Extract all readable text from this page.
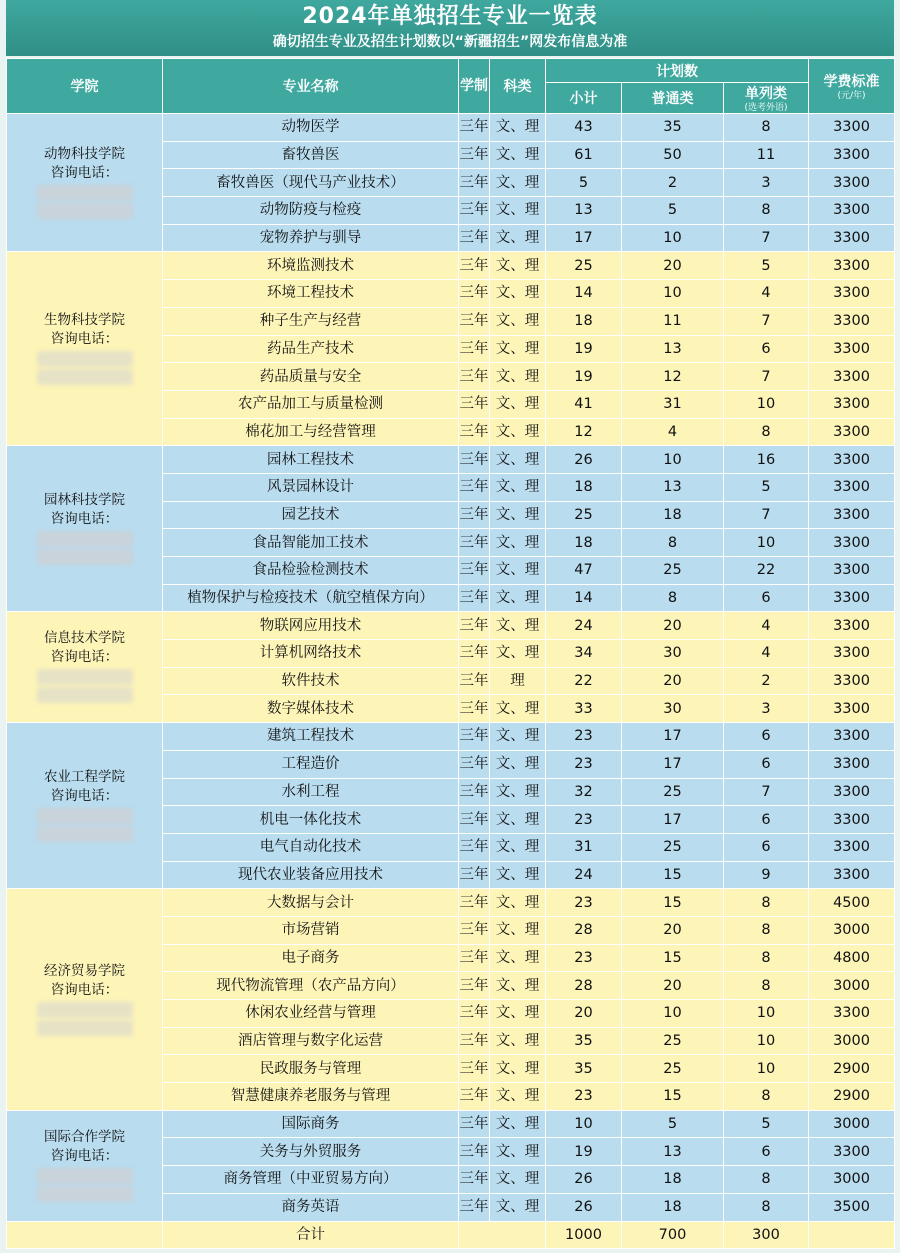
2024年单独招生专业一览表
确切招生专业及招生计划数以“新疆招生”网发布信息为准
学院	专业名称	学制	科类	计划数			学费标准
(元/年)

				小计	普通类	单列类
(选考外语)	

动物科技学院
咨询电话：	动物医学	三年	文、理	43	35	8	3300
	畜牧兽医	三年	文、理	61	50	11	3300
	畜牧兽医（现代马产业技术）	三年	文、理	5	2	3	3300
	动物防疫与检疫	三年	文、理	13	5	8	3300
	宠物养护与驯导	三年	文、理	17	10	7	3300

生物科技学院
咨询电话：	环境监测技术	三年	文、理	25	20	5	3300
	环境工程技术	三年	文、理	14	10	4	3300
	种子生产与经营	三年	文、理	18	11	7	3300
	药品生产技术	三年	文、理	19	13	6	3300
	药品质量与安全	三年	文、理	19	12	7	3300
	农产品加工与质量检测	三年	文、理	41	31	10	3300
	棉花加工与经营管理	三年	文、理	12	4	8	3300

园林科技学院
咨询电话：	园林工程技术	三年	文、理	26	10	16	3300
	风景园林设计	三年	文、理	18	13	5	3300
	园艺技术	三年	文、理	25	18	7	3300
	食品智能加工技术	三年	文、理	18	8	10	3300
	食品检验检测技术	三年	文、理	47	25	22	3300
	植物保护与检疫技术（航空植保方向）	三年	文、理	14	8	6	3300

信息技术学院
咨询电话：	物联网应用技术	三年	文、理	24	20	4	3300
	计算机网络技术	三年	文、理	34	30	4	3300
	软件技术	三年	理	22	20	2	3300
	数字媒体技术	三年	文、理	33	30	3	3300

农业工程学院
咨询电话：	建筑工程技术	三年	文、理	23	17	6	3300
	工程造价	三年	文、理	23	17	6	3300
	水利工程	三年	文、理	32	25	7	3300
	机电一体化技术	三年	文、理	23	17	6	3300
	电气自动化技术	三年	文、理	31	25	6	3300
	现代农业装备应用技术	三年	文、理	24	15	9	3300

经济贸易学院
咨询电话：	大数据与会计	三年	文、理	23	15	8	4500
	市场营销	三年	文、理	28	20	8	3000
	电子商务	三年	文、理	23	15	8	4800
	现代物流管理（农产品方向）	三年	文、理	28	20	8	3000
	休闲农业经营与管理	三年	文、理	20	10	10	3300
	酒店管理与数字化运营	三年	文、理	35	25	10	3000
	民政服务与管理	三年	文、理	35	25	10	2900
	智慧健康养老服务与管理	三年	文、理	23	15	8	2900

国际合作学院
咨询电话：	国际商务	三年	文、理	10	5	5	3000
	关务与外贸服务	三年	文、理	19	13	6	3300
	商务管理（中亚贸易方向）	三年	文、理	26	18	8	3000
	商务英语	三年	文、理	26	18	8	3500
	合计			1000	700	300	
